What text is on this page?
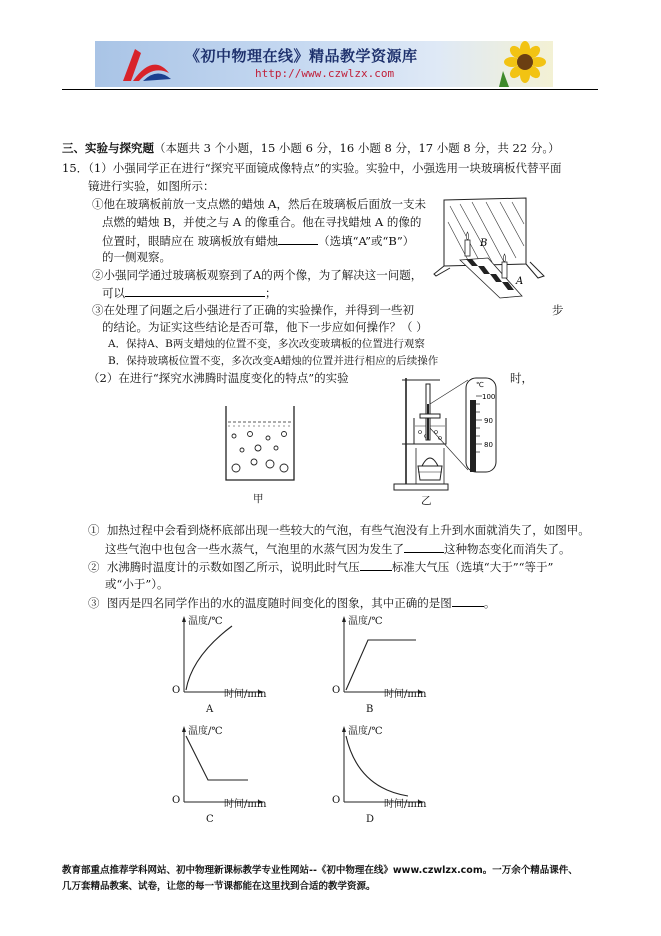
《初中物理在线》精品教学资源库
http://www.czwlzx.com
三、实验与探究题（本题共 3 个小题，15 小题 6 分，16 小题 8 分，17 小题 8 分，共 22 分。）
15．（1）小强同学正在进行“探究平面镜成像特点”的实验。实验中，小强选用一块玻璃板代替平面
镜进行实验，如图所示：
①他在玻璃板前放一支点燃的蜡烛 A，然后在玻璃板后面放一支未
点燃的蜡烛 B，并使之与 A 的像重合。他在寻找蜡烛 A 的像的
位置时，眼睛应在 玻璃板放有蜡烛	（选填“A”或“B”）
的一侧观察。
②小强同学通过玻璃板观察到了A的两个像，为了解决这一问题，
可以	；
③在处理了问题之后小强进行了正确的实验操作，并得到一些初	步
的结论。为证实这些结论是否可靠，他下一步应如何操作？（ ）
A．保持A、B两支蜡烛的位置不变，多次改变玻璃板的位置进行观察
B．保持玻璃板位置不变，多次改变A蜡烛的位置并进行相应的后续操作
B
A
（2）在进行“探究水沸腾时温度变化的特点”的实验	时，
甲
℃
100
90
80
乙
① 加热过程中会看到烧杯底部出现一些较大的气泡，有些气泡没有上升到水面就消失了，如图甲。
这些气泡中也包含一些水蒸气，气泡里的水蒸气因为发生了	这种物态变化而消失了。
② 水沸腾时温度计的示数如图乙所示，说明此时气压	标准大气压（选填“大于”“等于”
或“小于”）。
③ 图丙是四名同学作出的水的温度随时间变化的图象，其中正确的是图	。
温度/℃
O	时间/min
A
温度/℃
O	时间/min
B
温度/℃
O	时间/min
C
温度/℃
O	时间/min
D
教育部重点推荐学科网站、初中物理新课标教学专业性网站--《初中物理在线》www.czwlzx.com。一万余个精品课件、
几万套精品教案、试卷，让您的每一节课都能在这里找到合适的教学资源。
